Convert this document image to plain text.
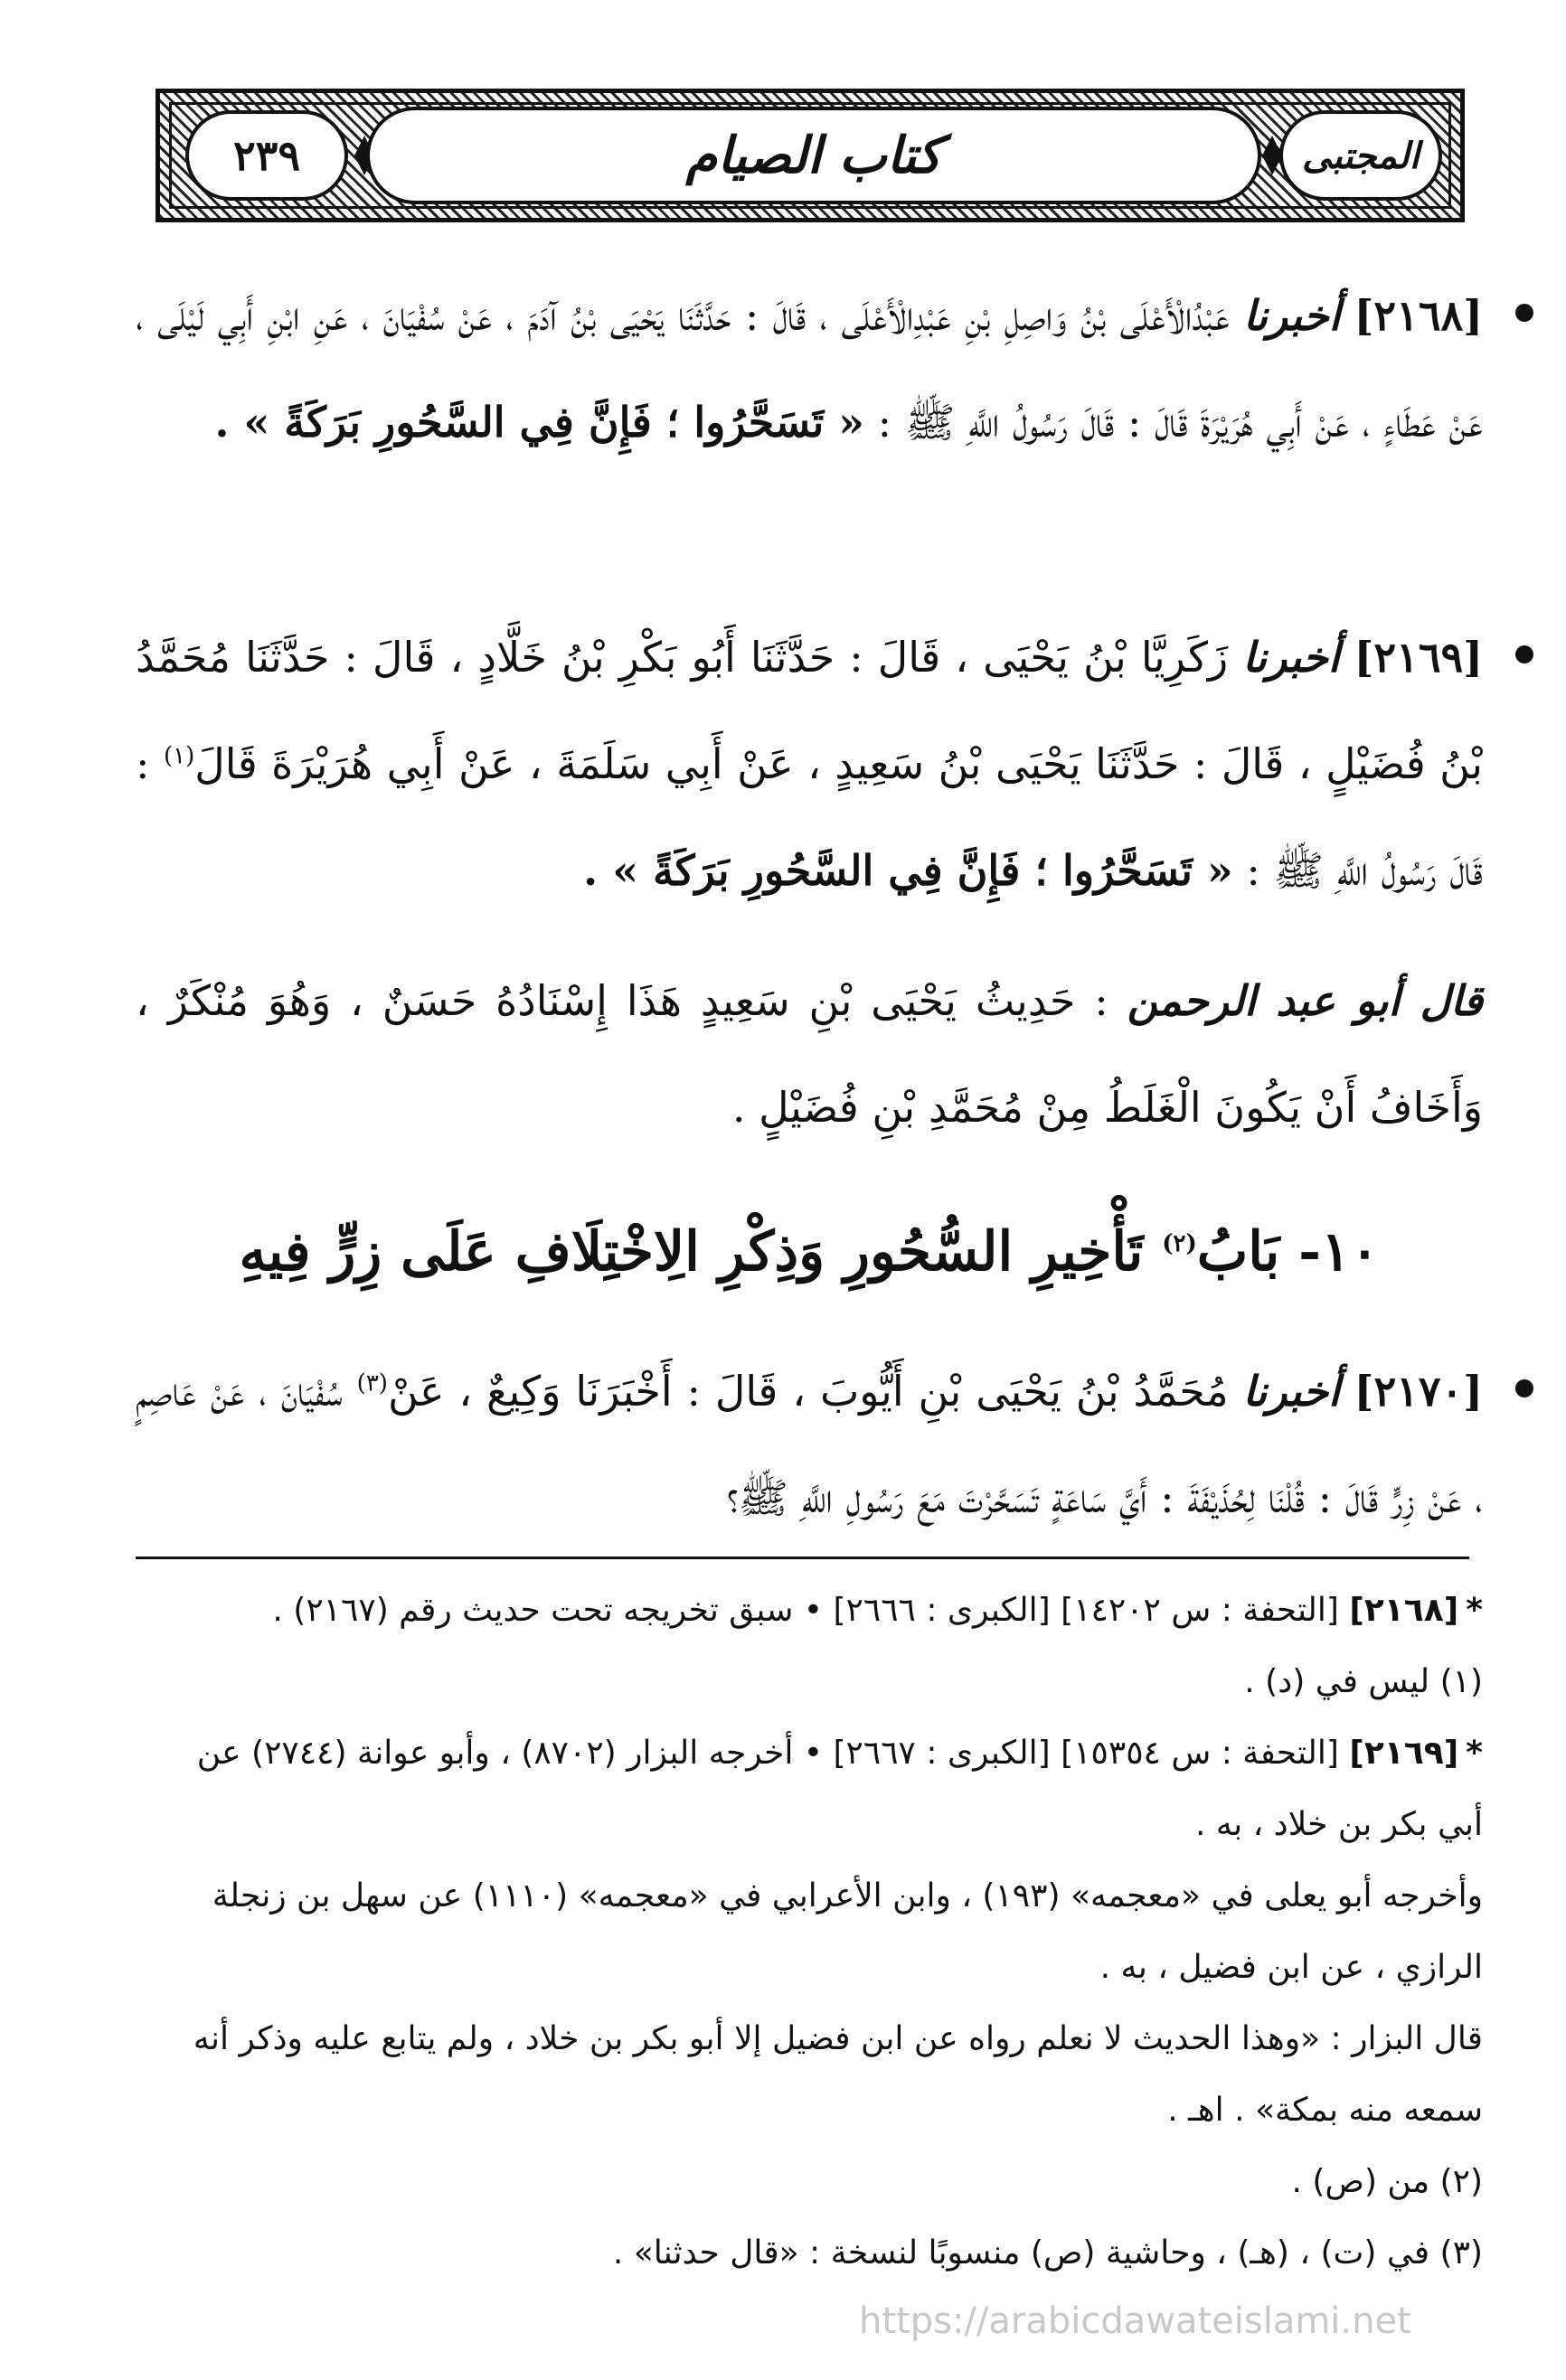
٢٣٩	كتاب الصيام	المجتبى
[٢١٦٨] أخبرنا عَبْدُالْأَعْلَى بْنُ وَاصِلِ بْنِ عَبْدِالْأَعْلَى ، قَالَ : حَدَّثَنَا يَحْيَى بْنُ آدَمَ ، عَنْ سُفْيَانَ ، عَنِ ابْنِ أَبِي لَيْلَى ، عَنْ عَطَاءٍ ، عَنْ أَبِي هُرَيْرَةَ قَالَ : قَالَ رَسُولُ اللَّهِ ﷺ : « تَسَحَّرُوا ؛ فَإِنَّ فِي السَّحُورِ بَرَكَةً » .
[٢١٦٩] أخبرنا زَكَرِيَّا بْنُ يَحْيَى ، قَالَ : حَدَّثَنَا أَبُو بَكْرِ بْنُ خَلَّادٍ ، قَالَ : حَدَّثَنَا مُحَمَّدُ بْنُ فُضَيْلٍ ، قَالَ : حَدَّثَنَا يَحْيَى بْنُ سَعِيدٍ ، عَنْ أَبِي سَلَمَةَ ، عَنْ أَبِي هُرَيْرَةَ قَالَ$^{(١)}$ : قَالَ رَسُولُ اللَّهِ ﷺ : « تَسَحَّرُوا ؛ فَإِنَّ فِي السَّحُورِ بَرَكَةً » .
قال أبو عبد الرحمن : حَدِيثُ يَحْيَى بْنِ سَعِيدٍ هَذَا إِسْنَادُهُ حَسَنٌ ، وَهُوَ مُنْكَرٌ ، وَأَخَافُ أَنْ يَكُونَ الْغَلَطُ مِنْ مُحَمَّدِ بْنِ فُضَيْلٍ .
١٠- بَابُ$^{(٢)}$ تَأْخِيرِ السُّحُورِ وَذِكْرِ الِاخْتِلَافِ عَلَى زِرٍّ فِيهِ
[٢١٧٠] أخبرنا مُحَمَّدُ بْنُ يَحْيَى بْنِ أَيُّوبَ ، قَالَ : أَخْبَرَنَا وَكِيعٌ ، عَنْ$^{(٣)}$ سُفْيَانَ ، عَنْ عَاصِمٍ ، عَنْ زِرٍّ قَالَ : قُلْنَا لِحُذَيْفَةَ : أَيَّ سَاعَةٍ تَسَحَّرْتَ مَعَ رَسُولِ اللَّهِ ﷺ؟

*[٢١٦٨] [التحفة : س ١٤٢٠٢] [الكبرى : ٢٦٦٦] • سبق تخريجه تحت حديث رقم (٢١٦٧) .

(١) ليس في (د) .

*[٢١٦٩] [التحفة : س ١٥٣٥٤] [الكبرى : ٢٦٦٧] • أخرجه البزار (٨٧٠٢) ، وأبو عوانة (٢٧٤٤) عن أبي بكر بن خلاد ، به .

وأخرجه أبو يعلى في «معجمه» (١٩٣) ، وابن الأعرابي في «معجمه» (١١١٠) عن سهل بن زنجلة الرازي ، عن ابن فضيل ، به .

قال البزار : «وهذا الحديث لا نعلم رواه عن ابن فضيل إلا أبو بكر بن خلاد ، ولم يتابع عليه وذكر أنه سمعه منه بمكة» . اهـ .

(٢) من (ص) .

(٣) في (ت) ، (هـ) ، وحاشية (ص) منسوبًا لنسخة : «قال حدثنا» .

https://arabicdawateislami.net
